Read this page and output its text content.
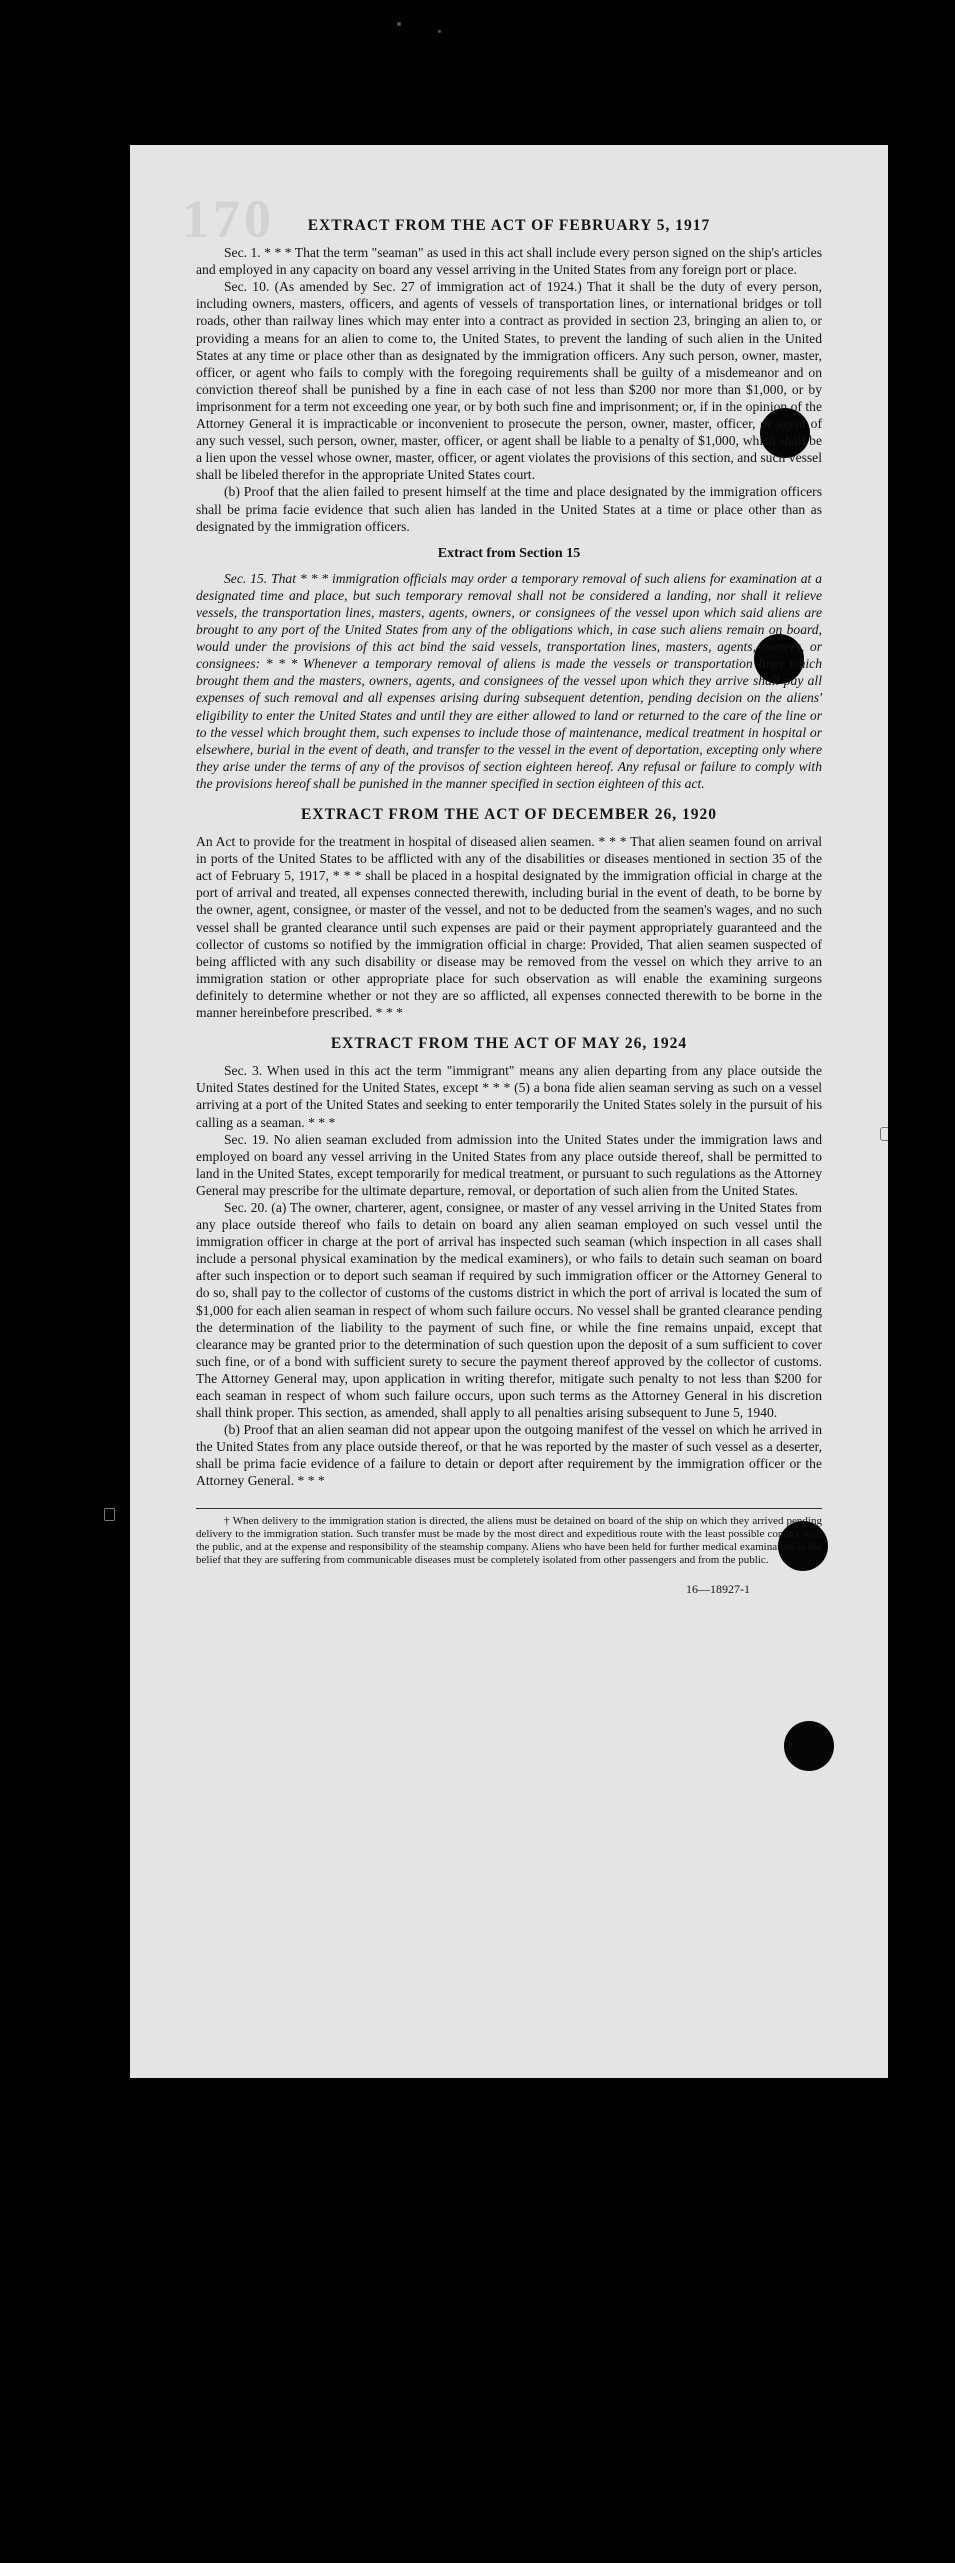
170	EXTRACT FROM THE ACT OF FEBRUARY 5, 1917

Sec. 1. * * * That the term "seaman" as used in this act shall include every person signed on the ship's articles and employed in any capacity on board any vessel arriving in the United States from any foreign port or place.

Sec. 10. (As amended by Sec. 27 of immigration act of 1924.) That it shall be the duty of every person, including owners, masters, officers, and agents of vessels of transportation lines, or international bridges or toll roads, other than railway lines which may enter into a contract as provided in section 23, bringing an alien to, or providing a means for an alien to come to, the United States, to prevent the landing of such alien in the United States at any time or place other than as designated by the immigration officers. Any such person, owner, master, officer, or agent who fails to comply with the foregoing requirements shall be guilty of a misdemeanor and on conviction thereof shall be punished by a fine in each case of not less than $200 nor more than $1,000, or by imprisonment for a term not exceeding one year, or by both such fine and imprisonment; or, if in the opinion of the Attorney General it is impracticable or inconvenient to prosecute the person, owner, master, officer, or agent of any such vessel, such person, owner, master, officer, or agent shall be liable to a penalty of $1,000, which shall be a lien upon the vessel whose owner, master, officer, or agent violates the provisions of this section, and such vessel shall be libeled therefor in the appropriate United States court.

(b) Proof that the alien failed to present himself at the time and place designated by the immigration officers shall be prima facie evidence that such alien has landed in the United States at a time or place other than as designated by the immigration officers.

Extract from Section 15

Sec. 15. That * * * immigration officials may order a temporary removal of such aliens for examination at a designated time and place, but such temporary removal shall not be considered a landing, nor shall it relieve vessels, the transportation lines, masters, agents, owners, or consignees of the vessel upon which said aliens are brought to any port of the United States from any of the obligations which, in case such aliens remain on board, would under the provisions of this act bind the said vessels, transportation lines, masters, agents, owners, or consignees: * * * Whenever a temporary removal of aliens is made the vessels or transportation lines which brought them and the masters, owners, agents, and consignees of the vessel upon which they arrive shall pay all expenses of such removal and all expenses arising during subsequent detention, pending decision on the aliens' eligibility to enter the United States and until they are either allowed to land or returned to the care of the line or to the vessel which brought them, such expenses to include those of maintenance, medical treatment in hospital or elsewhere, burial in the event of death, and transfer to the vessel in the event of deportation, excepting only where they arise under the terms of any of the provisos of section eighteen hereof. Any refusal or failure to comply with the provisions hereof shall be punished in the manner specified in section eighteen of this act.

EXTRACT FROM THE ACT OF DECEMBER 26, 1920

An Act to provide for the treatment in hospital of diseased alien seamen. * * * That alien seamen found on arrival in ports of the United States to be afflicted with any of the disabilities or diseases mentioned in section 35 of the act of February 5, 1917, * * * shall be placed in a hospital designated by the immigration official in charge at the port of arrival and treated, all expenses connected therewith, including burial in the event of death, to be borne by the owner, agent, consignee, or master of the vessel, and not to be deducted from the seamen's wages, and no such vessel shall be granted clearance until such expenses are paid or their payment appropriately guaranteed and the collector of customs so notified by the immigration official in charge: Provided, That alien seamen suspected of being afflicted with any such disability or disease may be removed from the vessel on which they arrive to an immigration station or other appropriate place for such observation as will enable the examining surgeons definitely to determine whether or not they are so afflicted, all expenses connected therewith to be borne in the manner hereinbefore prescribed. * * *

EXTRACT FROM THE ACT OF MAY 26, 1924

Sec. 3. When used in this act the term "immigrant" means any alien departing from any place outside the United States destined for the United States, except * * * (5) a bona fide alien seaman serving as such on a vessel arriving at a port of the United States and seeking to enter temporarily the United States solely in the pursuit of his calling as a seaman. * * *

Sec. 19. No alien seaman excluded from admission into the United States under the immigration laws and employed on board any vessel arriving in the United States from any place outside thereof, shall be permitted to land in the United States, except temporarily for medical treatment, or pursuant to such regulations as the Attorney General may prescribe for the ultimate departure, removal, or deportation of such alien from the United States.

Sec. 20. (a) The owner, charterer, agent, consignee, or master of any vessel arriving in the United States from any place outside thereof who fails to detain on board any alien seaman employed on such vessel until the immigration officer in charge at the port of arrival has inspected such seaman (which inspection in all cases shall include a personal physical examination by the medical examiners), or who fails to detain such seaman on board after such inspection or to deport such seaman if required by such immigration officer or the Attorney General to do so, shall pay to the collector of customs of the customs district in which the port of arrival is located the sum of $1,000 for each alien seaman in respect of whom such failure occurs. No vessel shall be granted clearance pending the determination of the liability to the payment of such fine, or while the fine remains unpaid, except that clearance may be granted prior to the determination of such question upon the deposit of a sum sufficient to cover such fine, or of a bond with sufficient surety to secure the payment thereof approved by the collector of customs. The Attorney General may, upon application in writing therefor, mitigate such penalty to not less than $200 for each seaman in respect of whom such failure occurs, upon such terms as the Attorney General in his discretion shall think proper. This section, as amended, shall apply to all penalties arising subsequent to June 5, 1940.

(b) Proof that an alien seaman did not appear upon the outgoing manifest of the vessel on which he arrived in the United States from any place outside thereof, or that he was reported by the master of such vessel as a deserter, shall be prima facie evidence of a failure to detain or deport after requirement by the immigration officer or the Attorney General. * * *

† When delivery to the immigration station is directed, the aliens must be detained on board of the ship on which they arrived pending delivery to the immigration station. Such transfer must be made by the most direct and expeditious route with the least possible contact with the public, and at the expense and responsibility of the steamship company. Aliens who have been held for further medical examination in the belief that they are suffering from communicable diseases must be completely isolated from other passengers and from the public.

16—18927-1
